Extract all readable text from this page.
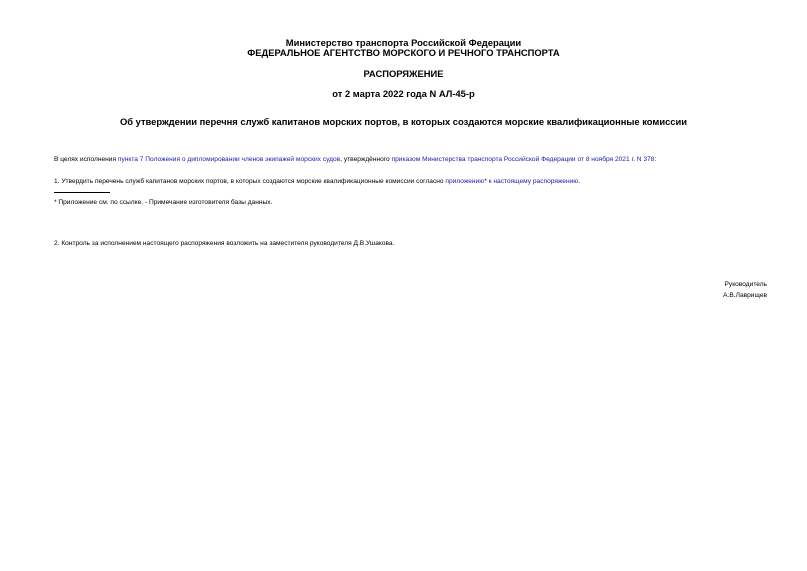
Министерство транспорта Российской Федерации
ФЕДЕРАЛЬНОЕ АГЕНТСТВО МОРСКОГО И РЕЧНОГО ТРАНСПОРТА
РАСПОРЯЖЕНИЕ
от 2 марта 2022 года N АЛ-45-р
Об утверждении перечня служб капитанов морских портов, в которых создаются морские квалификационные комиссии
В целях исполнения пункта 7 Положения о дипломировании членов экипажей морских судов, утверждённого приказом Министерства транспорта Российской Федерации от 8 ноября 2021 г. N 378:
1. Утвердить перечень служб капитанов морских портов, в которых создаются морские квалификационные комиссии согласно приложению* к настоящему распоряжению.
* Приложение см. по ссылке. - Примечание изготовителя базы данных.
2. Контроль за исполнением настоящего распоряжения возложить на заместителя руководителя Д.В.Ушакова.
Руководитель
А.В.Лаврищев
